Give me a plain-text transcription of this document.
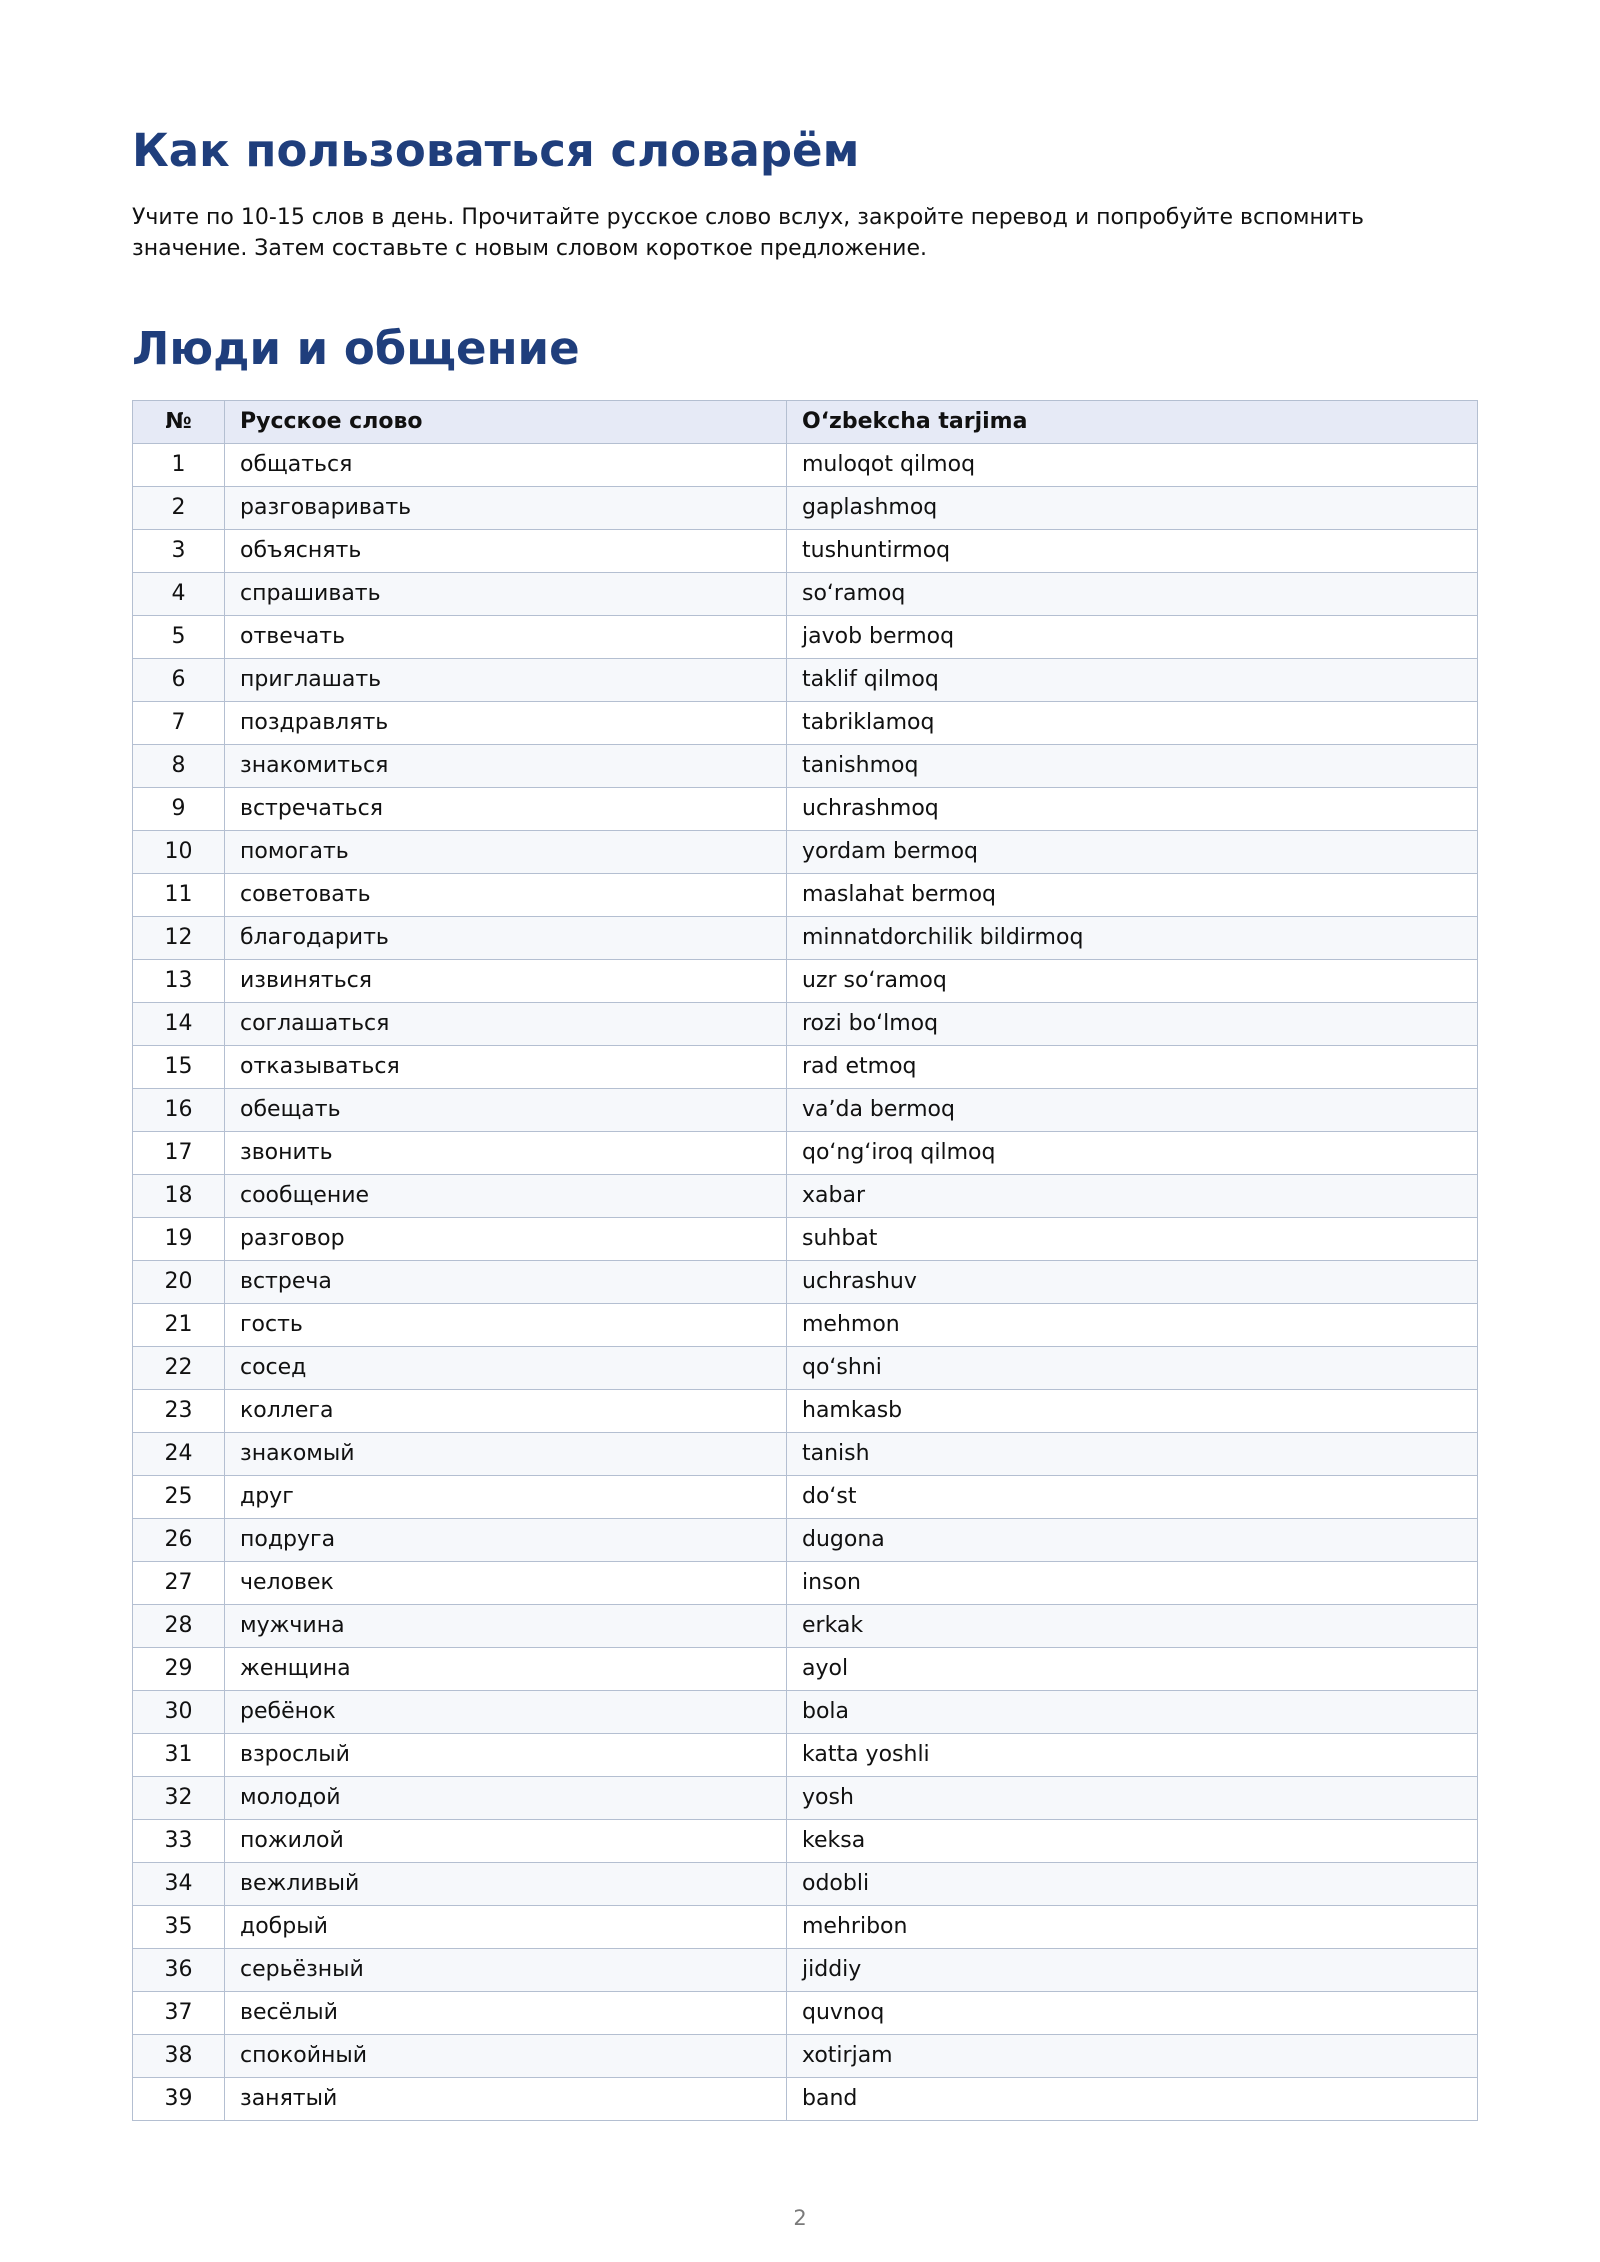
Как пользоваться словарём

Учите по 10-15 слов в день. Прочитайте русское слово вслух, закройте перевод и попробуйте вспомнить значение. Затем составьте с новым словом короткое предложение.

Люди и общение
№	Русское слово	Oʻzbekcha tarjima
1	общаться	muloqot qilmoq
2	разговаривать	gaplashmoq
3	объяснять	tushuntirmoq
4	спрашивать	soʻramoq
5	отвечать	javob bermoq
6	приглашать	taklif qilmoq
7	поздравлять	tabriklamoq
8	знакомиться	tanishmoq
9	встречаться	uchrashmoq
10	помогать	yordam bermoq
11	советовать	maslahat bermoq
12	благодарить	minnatdorchilik bildirmoq
13	извиняться	uzr soʻramoq
14	соглашаться	rozi boʻlmoq
15	отказываться	rad etmoq
16	обещать	vaʼda bermoq
17	звонить	qoʻngʻiroq qilmoq
18	сообщение	xabar
19	разговор	suhbat
20	встреча	uchrashuv
21	гость	mehmon
22	сосед	qoʻshni
23	коллега	hamkasb
24	знакомый	tanish
25	друг	doʻst
26	подруга	dugona
27	человек	inson
28	мужчина	erkak
29	женщина	ayol
30	ребёнок	bola
31	взрослый	katta yoshli
32	молодой	yosh
33	пожилой	keksa
34	вежливый	odobli
35	добрый	mehribon
36	серьёзный	jiddiy
37	весёлый	quvnoq
38	спокойный	xotirjam
39	занятый	band
2
